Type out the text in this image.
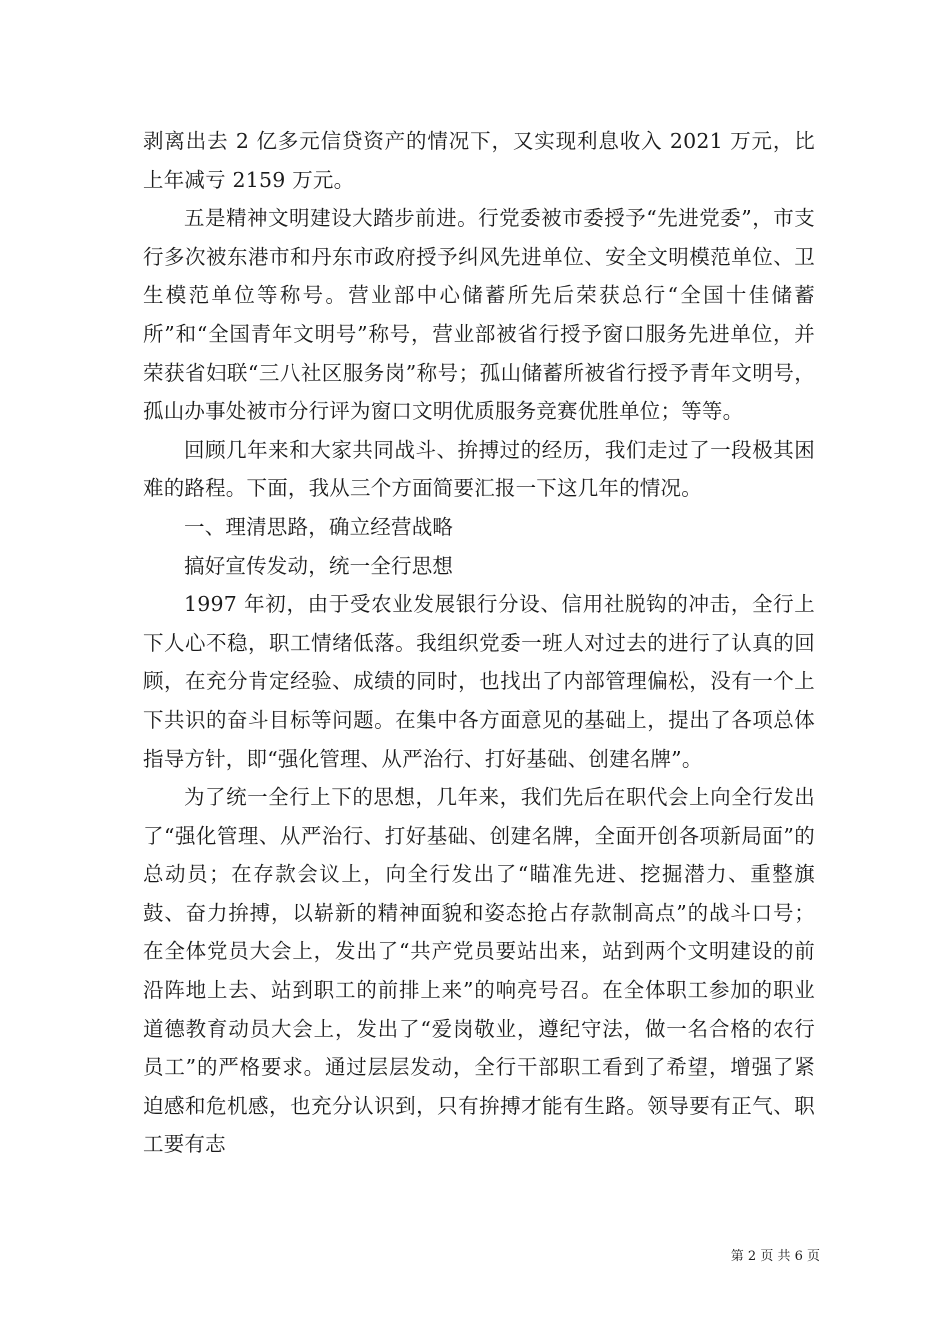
剥离出去 2 亿多元信贷资产的情况下，又实现利息收入 2021 万元，比上年减亏 2159 万元。

五是精神文明建设大踏步前进。行党委被市委授予“先进党委”，市支行多次被东港市和丹东市政府授予纠风先进单位、安全文明模范单位、卫生模范单位等称号。营业部中心储蓄所先后荣获总行“全国十佳储蓄所”和“全国青年文明号”称号，营业部被省行授予窗口服务先进单位，并荣获省妇联“三八社区服务岗”称号；孤山储蓄所被省行授予青年文明号，孤山办事处被市分行评为窗口文明优质服务竞赛优胜单位；等等。

回顾几年来和大家共同战斗、拚搏过的经历，我们走过了一段极其困难的路程。下面，我从三个方面简要汇报一下这几年的情况。

一、理清思路，确立经营战略

搞好宣传发动，统一全行思想

1997 年初，由于受农业发展银行分设、信用社脱钩的冲击，全行上下人心不稳，职工情绪低落。我组织党委一班人对过去的进行了认真的回顾，在充分肯定经验、成绩的同时，也找出了内部管理偏松，没有一个上下共识的奋斗目标等问题。在集中各方面意见的基础上，提出了各项总体指导方针，即“强化管理、从严治行、打好基础、创建名牌”。

为了统一全行上下的思想，几年来，我们先后在职代会上向全行发出了“强化管理、从严治行、打好基础、创建名牌，全面开创各项新局面”的总动员；在存款会议上，向全行发出了“瞄准先进、挖掘潜力、重整旗鼓、奋力拚搏，以崭新的精神面貌和姿态抢占存款制高点”的战斗口号；在全体党员大会上，发出了“共产党员要站出来，站到两个文明建设的前沿阵地上去、站到职工的前排上来”的响亮号召。在全体职工参加的职业道德教育动员大会上，发出了“爱岗敬业，遵纪守法，做一名合格的农行员工”的严格要求。通过层层发动，全行干部职工看到了希望，增强了紧迫感和危机感，也充分认识到，只有拚搏才能有生路。领导要有正气、职工要有志

第 2 页 共 6 页
